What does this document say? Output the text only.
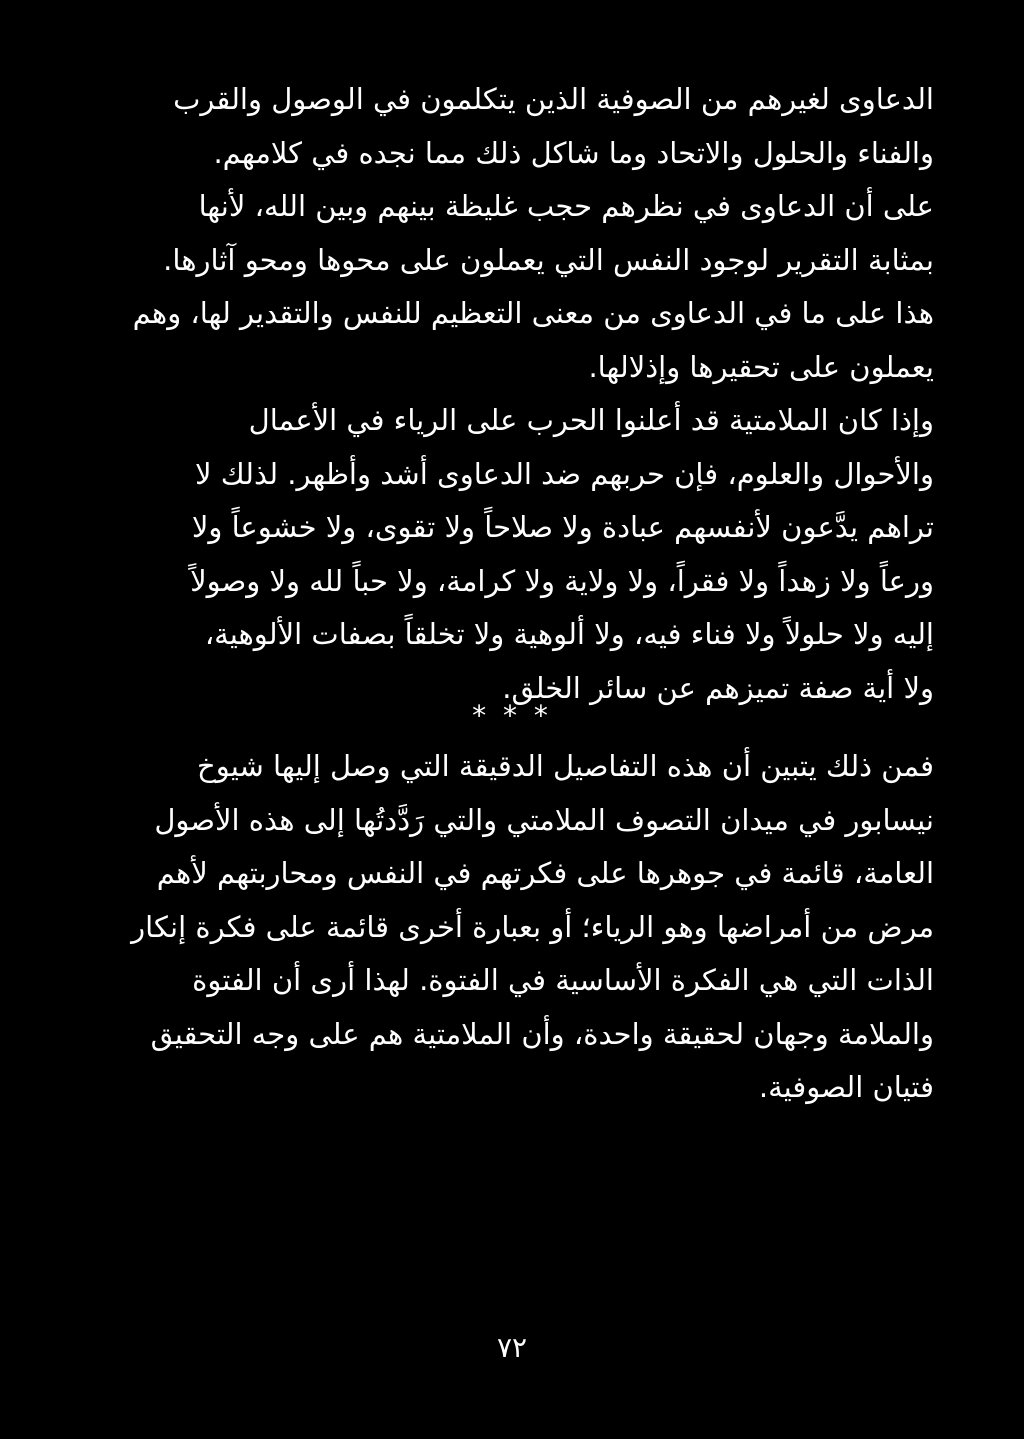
الدعاوى لغيرهم من الصوفية الذين يتكلمون في الوصول والقرب
والفناء والحلول والاتحاد وما شاكل ذلك مما نجده في كلامهم.
على أن الدعاوى في نظرهم حجب غليظة بينهم وبين الله، لأنها
بمثابة التقرير لوجود النفس التي يعملون على محوها ومحو آثارها.
هذا على ما في الدعاوى من معنى التعظيم للنفس والتقدير لها، وهم
يعملون على تحقيرها وإذلالها.
وإذا كان الملامتية قد أعلنوا الحرب على الرياء في الأعمال
والأحوال والعلوم، فإن حربهم ضد الدعاوى أشد وأظهر. لذلك لا
تراهم يدَّعون لأنفسهم عبادة ولا صلاحاً ولا تقوى، ولا خشوعاً ولا
ورعاً ولا زهداً ولا فقراً، ولا ولاية ولا كرامة، ولا حباً لله ولا وصولاً
إليه ولا حلولاً ولا فناء فيه، ولا ألوهية ولا تخلقاً بصفات الألوهية،
ولا أية صفة تميزهم عن سائر الخلق.
* * *
فمن ذلك يتبين أن هذه التفاصيل الدقيقة التي وصل إليها شيوخ
نيسابور في ميدان التصوف الملامتي والتي رَدَّدتُها إلى هذه الأصول
العامة، قائمة في جوهرها على فكرتهم في النفس ومحاربتهم لأهم
مرض من أمراضها وهو الرياء؛ أو بعبارة أخرى قائمة على فكرة إنكار
الذات التي هي الفكرة الأساسية في الفتوة. لهذا أرى أن الفتوة
والملامة وجهان لحقيقة واحدة، وأن الملامتية هم على وجه التحقيق
فتيان الصوفية.
٧٢
